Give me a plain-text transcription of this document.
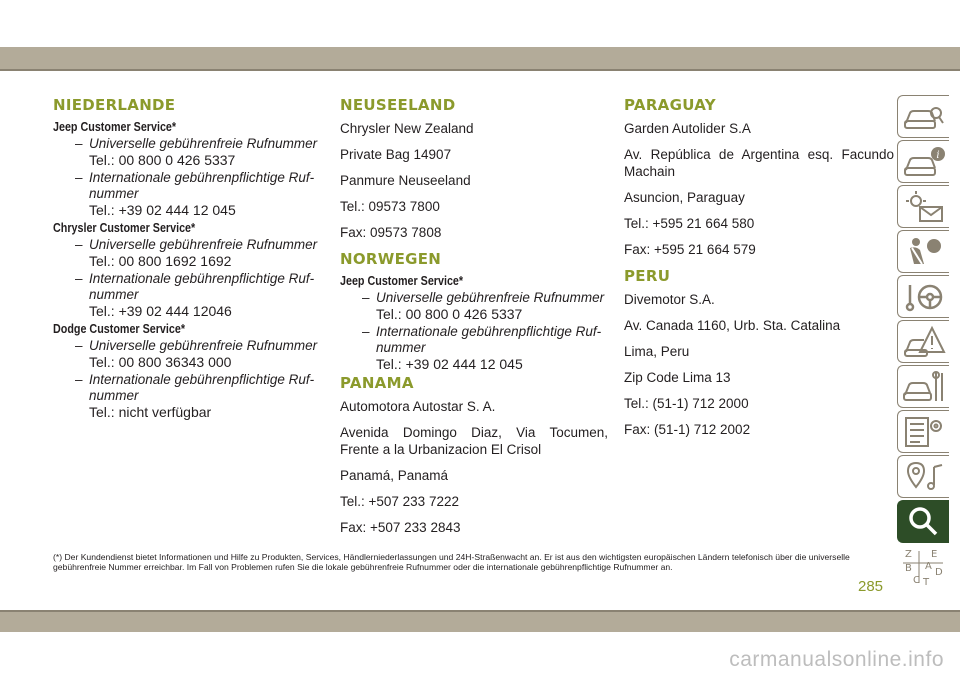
NIEDERLANDE
Jeep Customer Service*
– Universelle gebührenfreie Rufnummer
Tel.: 00 800 0 426 5337
– Internationale gebührenpflichtige Ruf-
nummer
Tel.: +39 02 444 12 045
Chrysler Customer Service*
– Universelle gebührenfreie Rufnummer
Tel.: 00 800 1692 1692
– Internationale gebührenpflichtige Ruf-
nummer
Tel.: +39 02 444 12046
Dodge Customer Service*
– Universelle gebührenfreie Rufnummer
Tel.: 00 800 36343 000
– Internationale gebührenpflichtige Ruf-
nummer
Tel.: nicht verfügbar
NEUSEELAND

Chrysler New Zealand

Private Bag 14907

Panmure Neuseeland

Tel.: 09573 7800

Fax: 09573 7808

NORWEGEN
Jeep Customer Service*
– Universelle gebührenfreie Rufnummer
Tel.: 00 800 0 426 5337
– Internationale gebührenpflichtige Ruf-
nummer
Tel.: +39 02 444 12 045
PANAMA

Automotora Autostar S. A.

Avenida Domingo Diaz, Via Tocumen, Frente a la Urbanizacion El Crisol

Panamá, Panamá

Tel.: +507 233 7222

Fax: +507 233 2843

PARAGUAY

Garden Autolider S.A

Av. República de Argentina esq. Facundo Machain

Asuncion, Paraguay

Tel.: +595 21 664 580

Fax: +595 21 664 579

PERU

Divemotor S.A.

Av. Canada 1160, Urb. Sta. Catalina

Lima, Peru

Zip Code Lima 13

Tel.: (51-1) 712 2000

Fax: (51-1) 712 2002

(*) Der Kundendienst bietet Informationen und Hilfe zu Produkten, Services, Händlerniederlassungen und 24H-Straßenwacht an. Er ist aus den wichtigsten europäischen Ländern telefonisch über die universelle gebührenfreie Nummer erreichbar. Im Fall von Problemen rufen Sie die lokale gebührenfreie Rufnummer oder die internationale gebührenpflichtige Rufnummer an.
285
i
Z E
B A
C T
D
carmanualsonline.info
